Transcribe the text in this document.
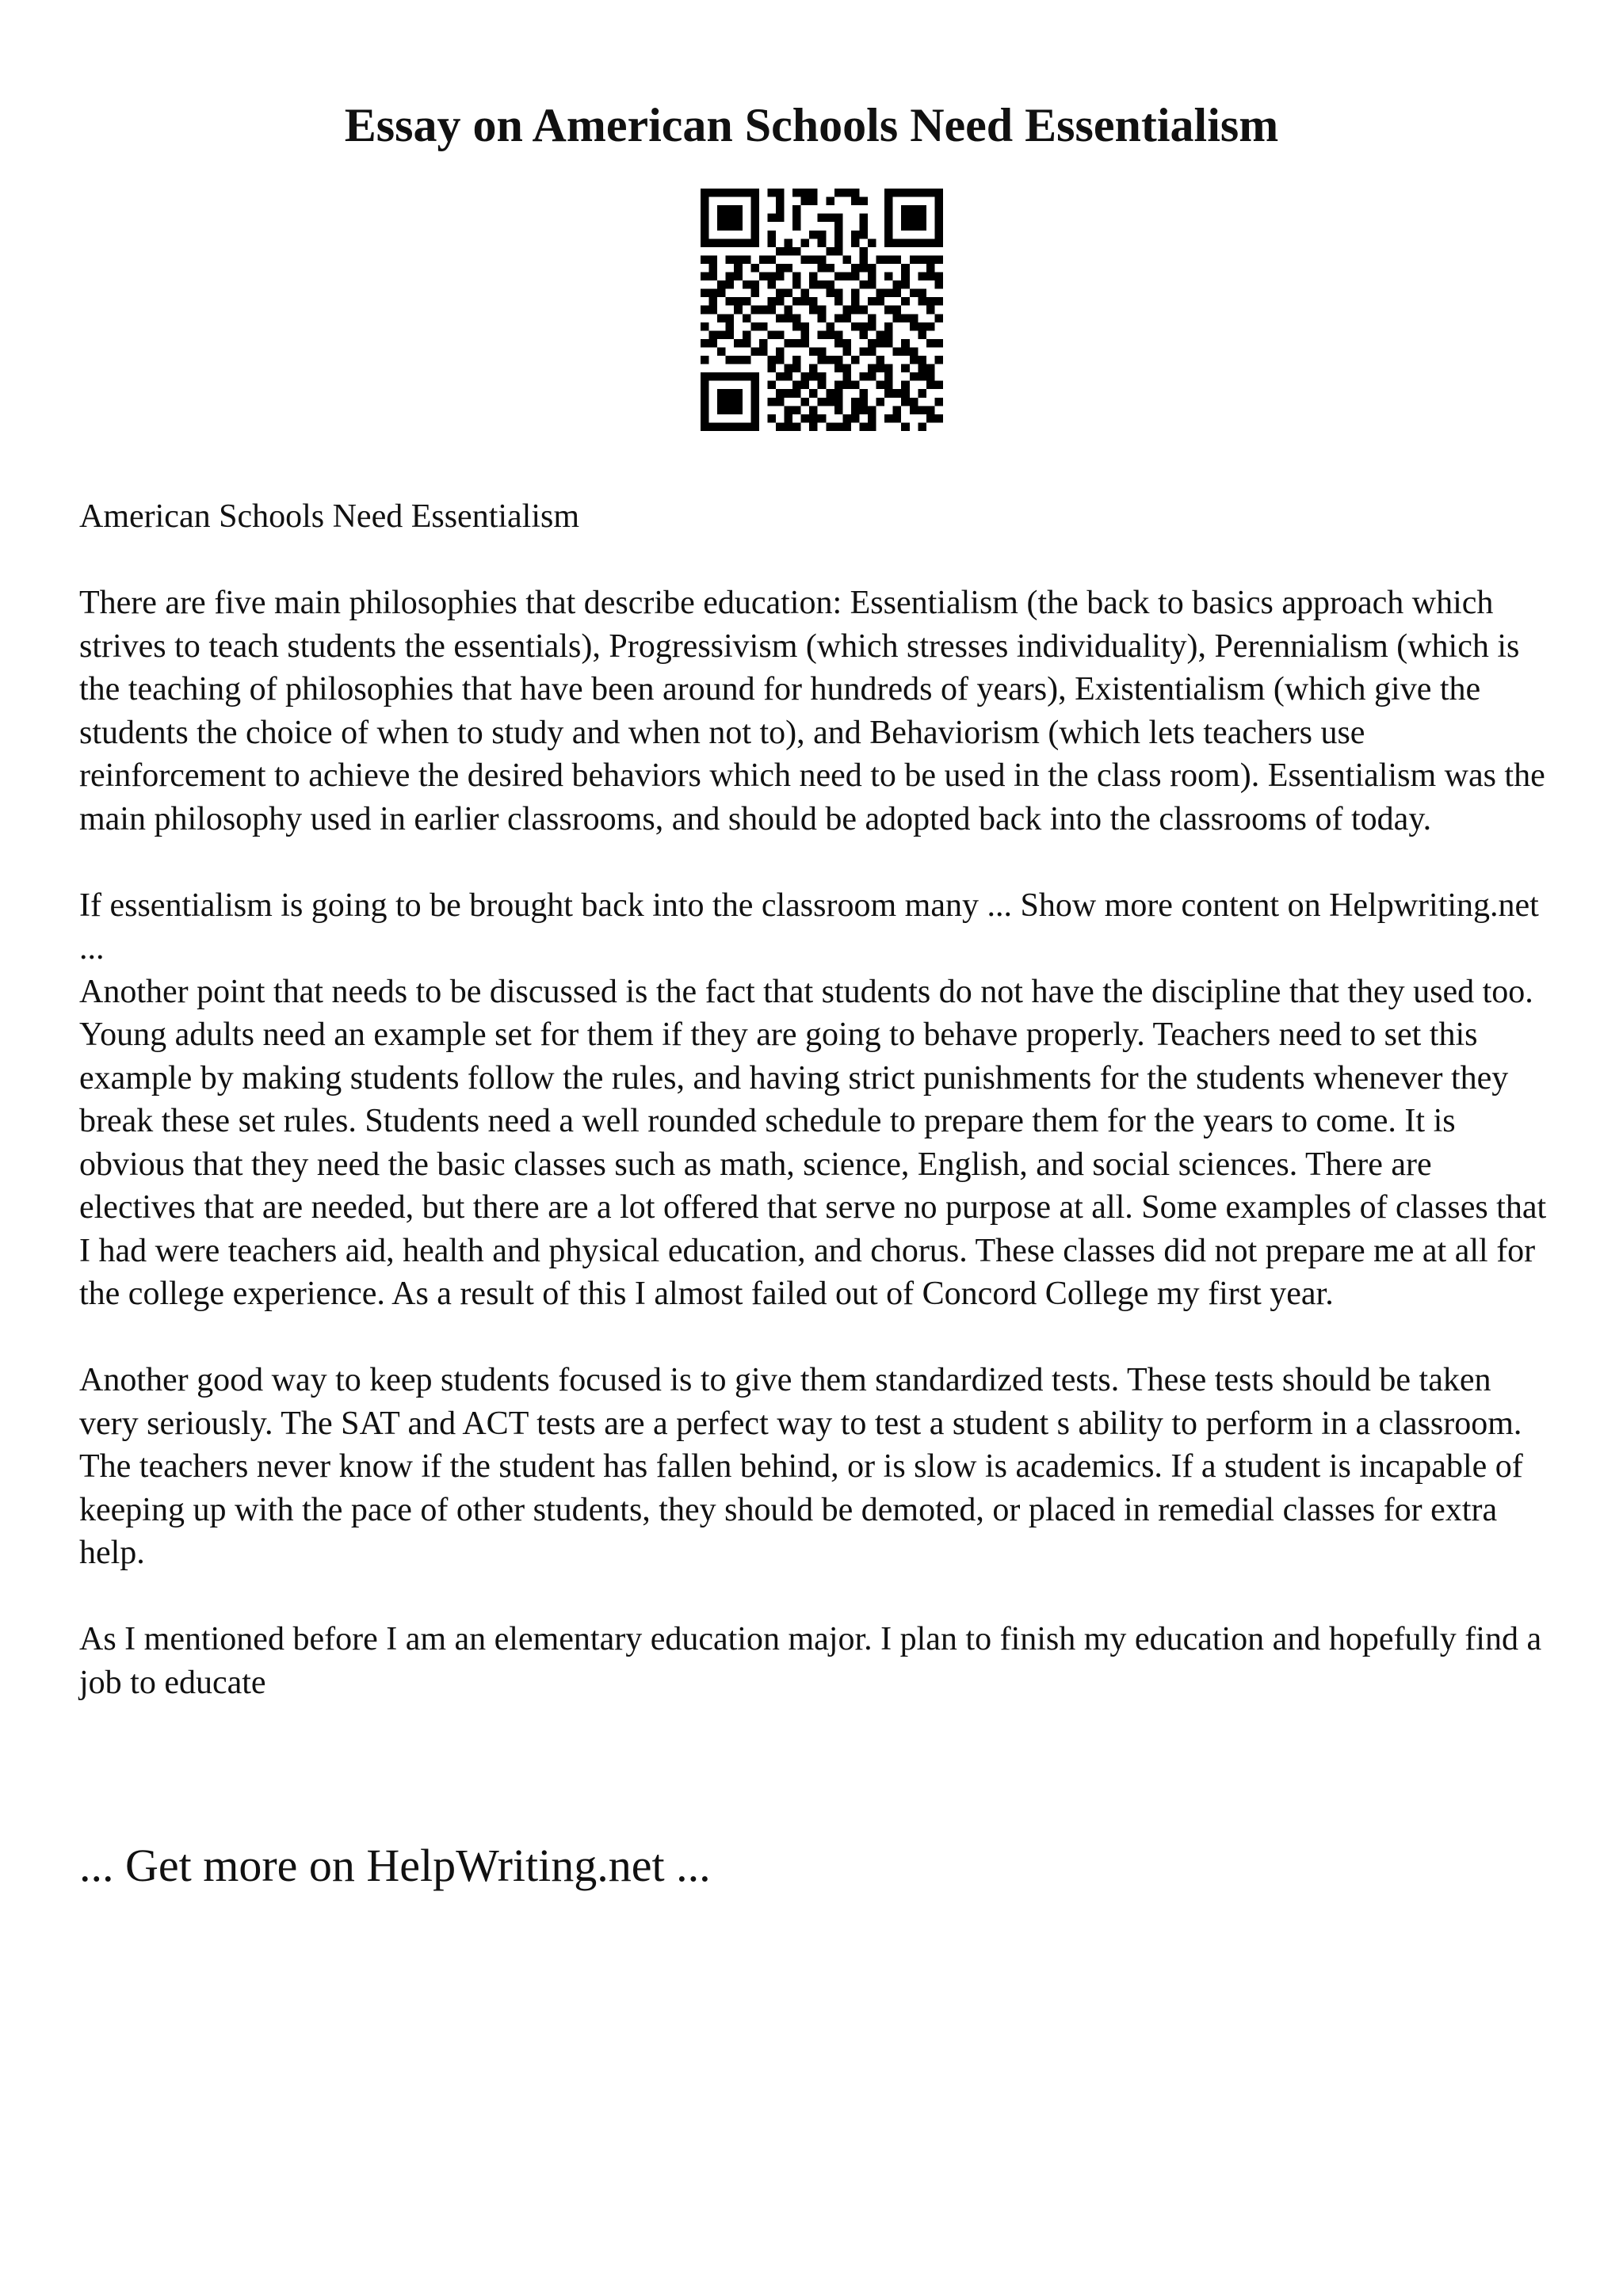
Essay on American Schools Need Essentialism

American Schools Need Essentialism

There are five main philosophies that describe education: Essentialism (the back to basics approach which strives to teach students the essentials), Progressivism (which stresses individuality), Perennialism (which is the teaching of philosophies that have been around for hundreds of years), Existentialism (which give the students the choice of when to study and when not to), and Behaviorism (which lets teachers use reinforcement to achieve the desired behaviors which need to be used in the class room). Essentialism was the main philosophy used in earlier classrooms, and should be adopted back into the classrooms of today.

If essentialism is going to be brought back into the classroom many ... Show more content on Helpwriting.net ...

Another point that needs to be discussed is the fact that students do not have the discipline that they used too. Young adults need an example set for them if they are going to behave properly. Teachers need to set this example by making students follow the rules, and having strict punishments for the students whenever they break these set rules. Students need a well rounded schedule to prepare them for the years to come. It is obvious that they need the basic classes such as math, science, English, and social sciences. There are electives that are needed, but there are a lot offered that serve no purpose at all. Some examples of classes that I had were teachers aid, health and physical education, and chorus. These classes did not prepare me at all for the college experience. As a result of this I almost failed out of Concord College my first year.

Another good way to keep students focused is to give them standardized tests. These tests should be taken very seriously. The SAT and ACT tests are a perfect way to test a student s ability to perform in a classroom. The teachers never know if the student has fallen behind, or is slow is academics. If a student is incapable of keeping up with the pace of other students, they should be demoted, or placed in remedial classes for extra help.

As I mentioned before I am an elementary education major. I plan to finish my education and hopefully find a job to educate

... Get more on HelpWriting.net ...
